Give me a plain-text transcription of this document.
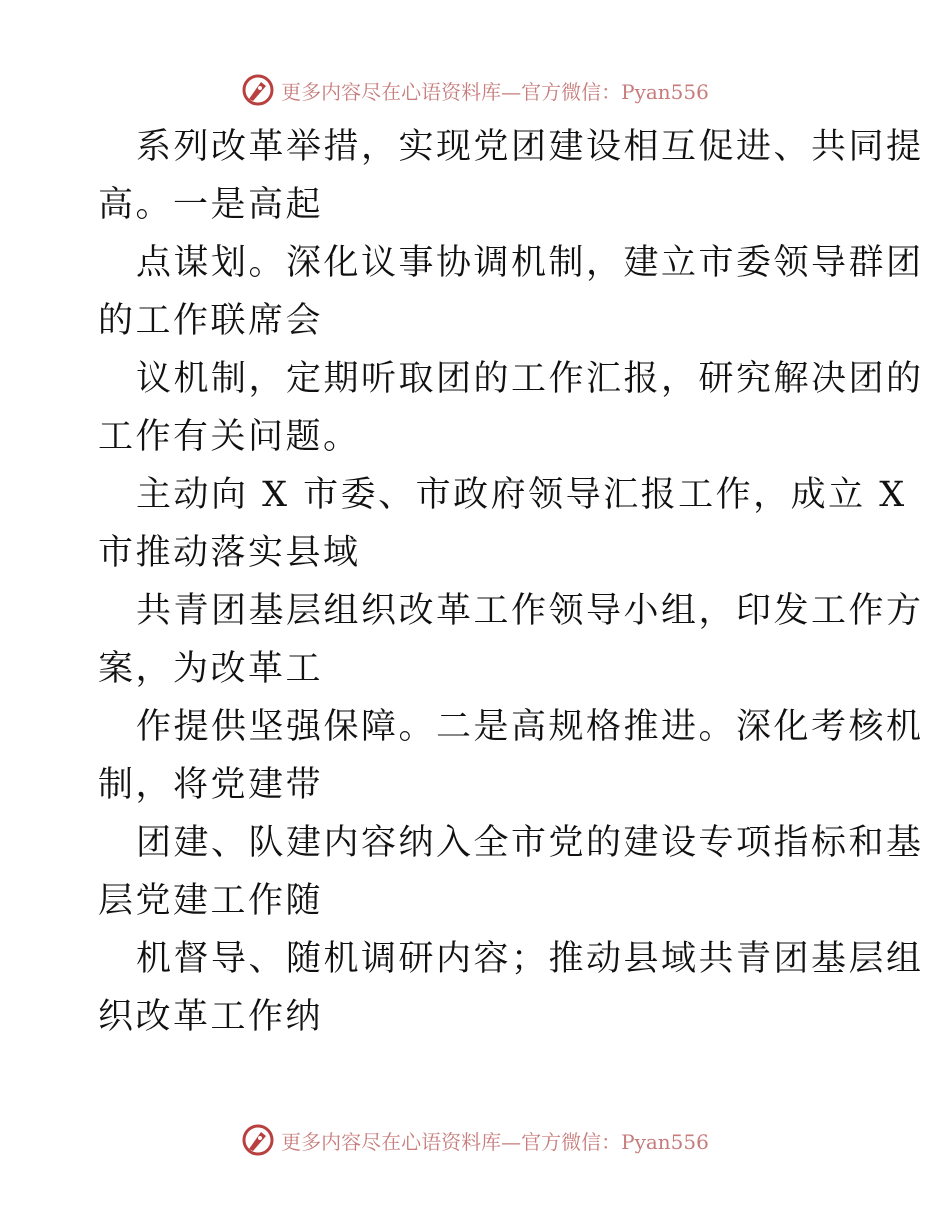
更多内容尽在心语资料库—官方微信：Pyan556
系列改革举措，实现党团建设相互促进、共同提
高。一是高起
点谋划。深化议事协调机制，建立市委领导群团
的工作联席会
议机制，定期听取团的工作汇报，研究解决团的
工作有关问题。
主动向 X 市委、市政府领导汇报工作，成立 X
市推动落实县域
共青团基层组织改革工作领导小组，印发工作方
案，为改革工
作提供坚强保障。二是高规格推进。深化考核机
制，将党建带
团建、队建内容纳入全市党的建设专项指标和基
层党建工作随
机督导、随机调研内容；推动县域共青团基层组
织改革工作纳
更多内容尽在心语资料库—官方微信：Pyan556
